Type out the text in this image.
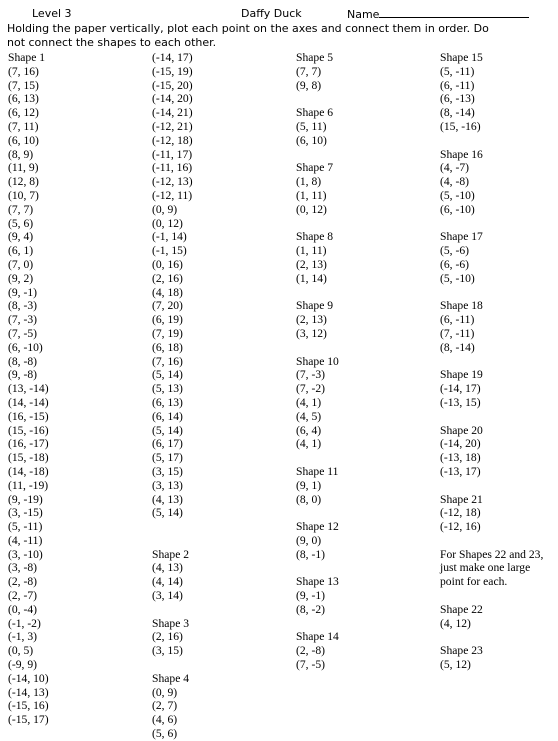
Level 3	Daffy Duck	Name
Holding the paper vertically, plot each point on the axes and connect them in order. Do
not connect the shapes to each other.
Shape 1
(7, 16)
(7, 15)
(6, 13)
(6, 12)
(7, 11)
(6, 10)
(8, 9)
(11, 9)
(12, 8)
(10, 7)
(7, 7)
(5, 6)
(9, 4)
(6, 1)
(7, 0)
(9, 2)
(9, -1)
(8, -3)
(7, -3)
(7, -5)
(6, -10)
(8, -8)
(9, -8)
(13, -14)
(14, -14)
(16, -15)
(15, -16)
(16, -17)
(15, -18)
(14, -18)
(11, -19)
(9, -19)
(3, -15)
(5, -11)
(4, -11)
(3, -10)
(3, -8)
(2, -8)
(2, -7)
(0, -4)
(-1, -2)
(-1, 3)
(0, 5)
(-9, 9)
(-14, 10)
(-14, 13)
(-15, 16)
(-15, 17)
(-14, 17)
(-15, 19)
(-15, 20)
(-14, 20)
(-14, 21)
(-12, 21)
(-12, 18)
(-11, 17)
(-11, 16)
(-12, 13)
(-12, 11)
(0, 9)
(0, 12)
(-1, 14)
(-1, 15)
(0, 16)
(2, 16)
(4, 18)
(7, 20)
(6, 19)
(7, 19)
(6, 18)
(7, 16)
(5, 14)
(5, 13)
(6, 13)
(6, 14)
(5, 14)
(6, 17)
(5, 17)
(3, 15)
(3, 13)
(4, 13)
(5, 14)
Shape 2
(4, 13)
(4, 14)
(3, 14)
Shape 3
(2, 16)
(3, 15)
Shape 4
(0, 9)
(2, 7)
(4, 6)
(5, 6)
Shape 5
(7, 7)
(9, 8)
Shape 6
(5, 11)
(6, 10)
Shape 7
(1, 8)
(1, 11)
(0, 12)
Shape 8
(1, 11)
(2, 13)
(1, 14)
Shape 9
(2, 13)
(3, 12)
Shape 10
(7, -3)
(7, -2)
(4, 1)
(4, 5)
(6, 4)
(4, 1)
Shape 11
(9, 1)
(8, 0)
Shape 12
(9, 0)
(8, -1)
Shape 13
(9, -1)
(8, -2)
Shape 14
(2, -8)
(7, -5)
Shape 15
(5, -11)
(6, -11)
(6, -13)
(8, -14)
(15, -16)
Shape 16
(4, -7)
(4, -8)
(5, -10)
(6, -10)
Shape 17
(5, -6)
(6, -6)
(5, -10)
Shape 18
(6, -11)
(7, -11)
(8, -14)
Shape 19
(-14, 17)
(-13, 15)
Shape 20
(-14, 20)
(-13, 18)
(-13, 17)
Shape 21
(-12, 18)
(-12, 16)
For Shapes 22 and 23,
just make one large
point for each.
Shape 22
(4, 12)
Shape 23
(5, 12)
